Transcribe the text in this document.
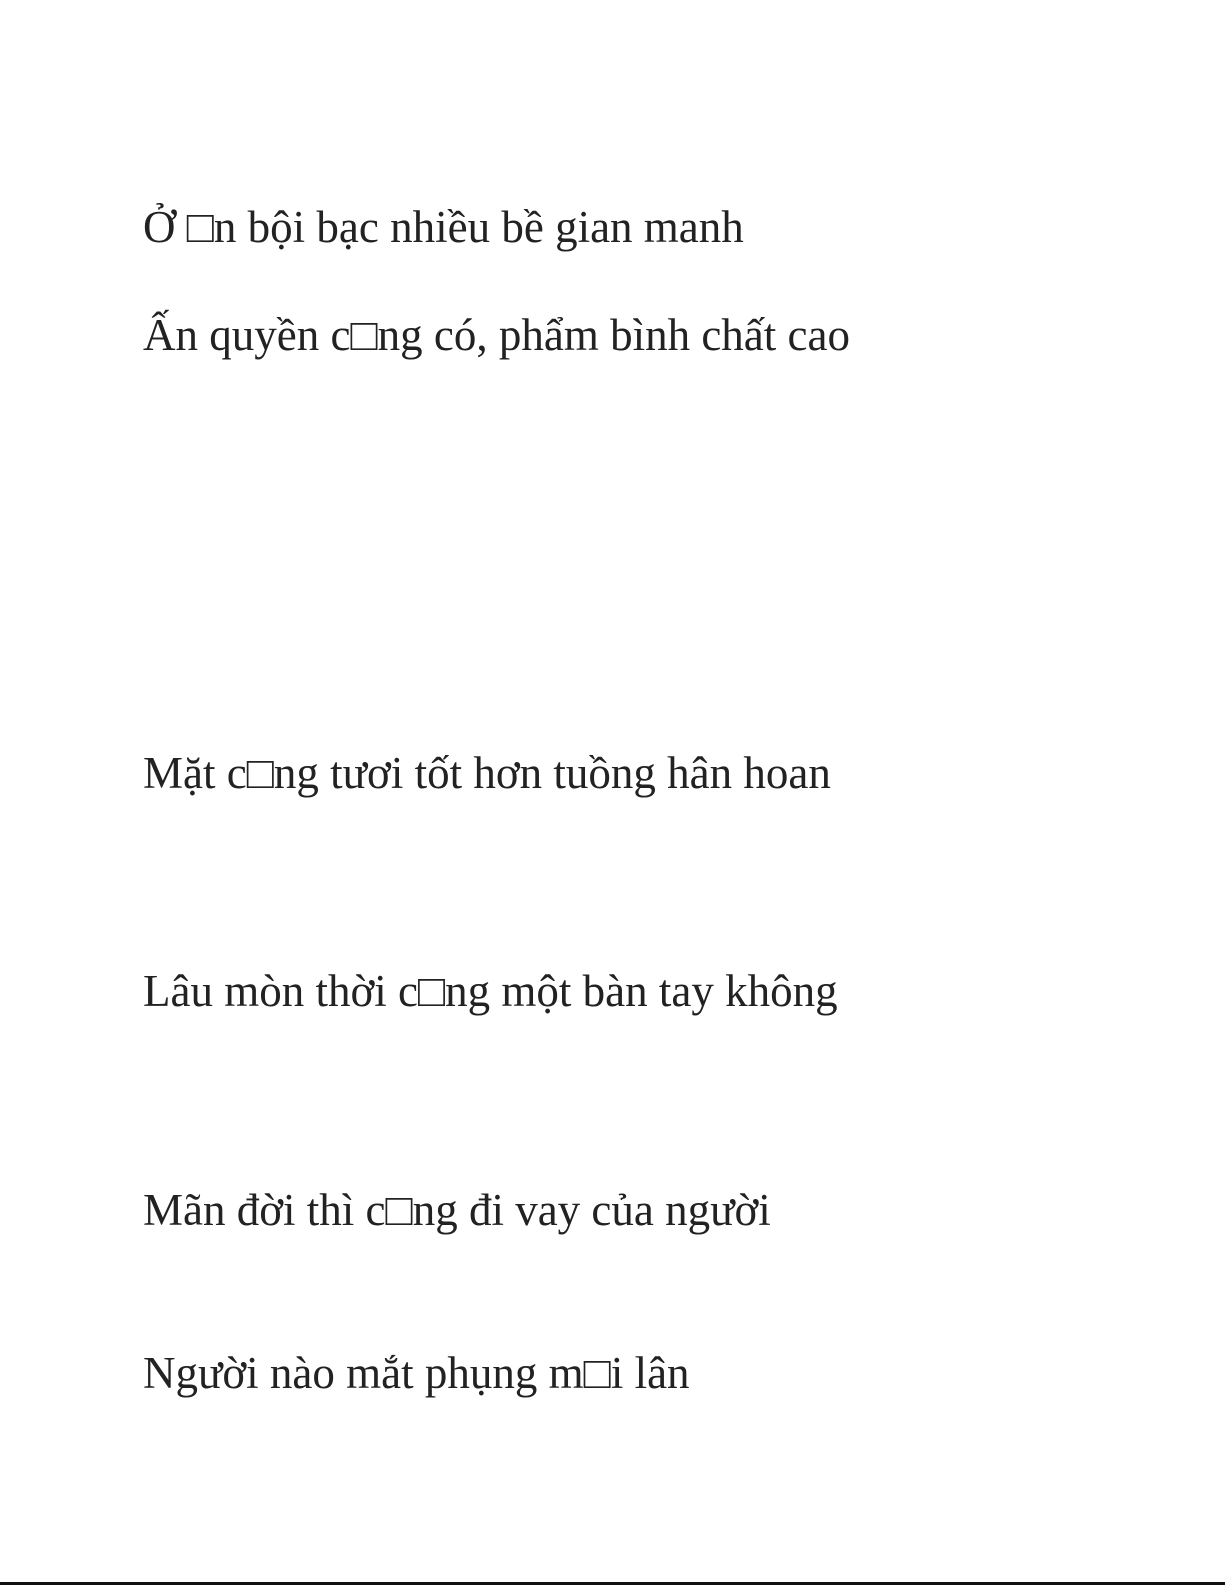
Ở □n bội bạc nhiều bề gian manh

Ấn quyền c□ng có, phẩm bình chất cao

Mặt c□ng tươi tốt hơn tuồng hân hoan

Lâu mòn thời c□ng một bàn tay không

Mãn đời thì c□ng đi vay của người

Người nào mắt phụng m□i lân
